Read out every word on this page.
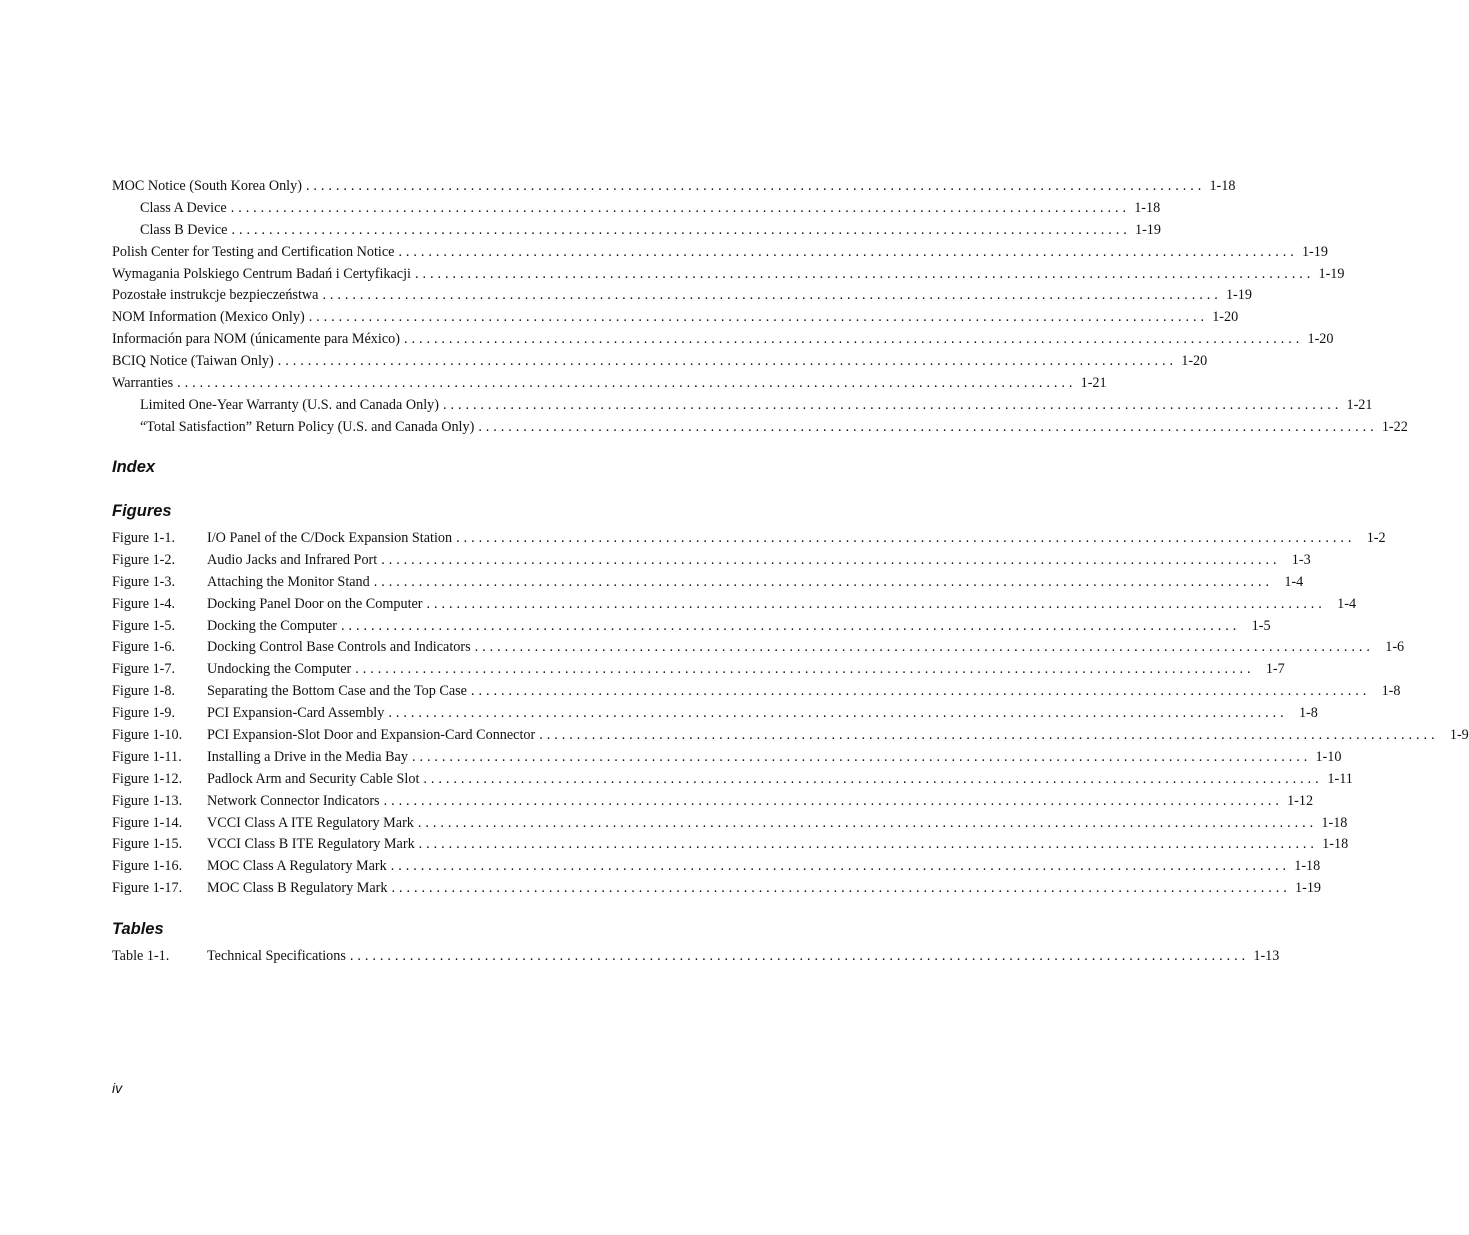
MOC Notice (South Korea Only) . . . . . . . . . . . . . . . . . . . . . . . . . . . . . . . . . . . . . . . . . . . . . . . . . . . . . . . . . . . . . . . . . . . . . . . . . . . . . . . . . . . . . . . . . . . . . . . . . . . . . . . . . . . . . . . . . . . . . . . . 1-18
Class A Device . . . . . . . . . . . . . . . . . . . . . . . . . . . . . . . . . . . . . . . . . . . . . . . . . . . . . . . . . . . . . . . . . . . . . . . . . . . . . . . . . . . . . . . . . . . . . . . . . . . . . . . . . . . . . . . . . . . . . . . . 1-18
Class B Device . . . . . . . . . . . . . . . . . . . . . . . . . . . . . . . . . . . . . . . . . . . . . . . . . . . . . . . . . . . . . . . . . . . . . . . . . . . . . . . . . . . . . . . . . . . . . . . . . . . . . . . . . . . . . . . . . . . . . . . . 1-19
Polish Center for Testing and Certification Notice . . . . . . . . . . . . . . . . . . . . . . . . . . . . . . . . . . . . . . . . . . . . . . . . . . . . . . . . . . . . . . . . . . . . . . . . . . . . . . . . . . . . . . . . . . . . . . . . . . . . . . . . . . . . . . . . . . . . . . . . 1-19
Wymagania Polskiego Centrum Badań i Certyfikacji . . . . . . . . . . . . . . . . . . . . . . . . . . . . . . . . . . . . . . . . . . . . . . . . . . . . . . . . . . . . . . . . . . . . . . . . . . . . . . . . . . . . . . . . . . . . . . . . . . . . . . . . . . . . . . . . . . . . . . . . 1-19
Pozostałe instrukcje bezpieczeństwa . . . . . . . . . . . . . . . . . . . . . . . . . . . . . . . . . . . . . . . . . . . . . . . . . . . . . . . . . . . . . . . . . . . . . . . . . . . . . . . . . . . . . . . . . . . . . . . . . . . . . . . . . . . . . . . . . . . . . . . . 1-19
NOM Information (Mexico Only) . . . . . . . . . . . . . . . . . . . . . . . . . . . . . . . . . . . . . . . . . . . . . . . . . . . . . . . . . . . . . . . . . . . . . . . . . . . . . . . . . . . . . . . . . . . . . . . . . . . . . . . . . . . . . . . . . . . . . . . . 1-20
Información para NOM (únicamente para México) . . . . . . . . . . . . . . . . . . . . . . . . . . . . . . . . . . . . . . . . . . . . . . . . . . . . . . . . . . . . . . . . . . . . . . . . . . . . . . . . . . . . . . . . . . . . . . . . . . . . . . . . . . . . . . . . . . . . . . . . 1-20
BCIQ Notice (Taiwan Only) . . . . . . . . . . . . . . . . . . . . . . . . . . . . . . . . . . . . . . . . . . . . . . . . . . . . . . . . . . . . . . . . . . . . . . . . . . . . . . . . . . . . . . . . . . . . . . . . . . . . . . . . . . . . . . . . . . . . . . . . 1-20
Warranties . . . . . . . . . . . . . . . . . . . . . . . . . . . . . . . . . . . . . . . . . . . . . . . . . . . . . . . . . . . . . . . . . . . . . . . . . . . . . . . . . . . . . . . . . . . . . . . . . . . . . . . . . . . . . . . . . . . . . . . . 1-21
Limited One-Year Warranty (U.S. and Canada Only) . . . . . . . . . . . . . . . . . . . . . . . . . . . . . . . . . . . . . . . . . . . . . . . . . . . . . . . . . . . . . . . . . . . . . . . . . . . . . . . . . . . . . . . . . . . . . . . . . . . . . . . . . . . . . . . . . . . . . . . . 1-21
“Total Satisfaction” Return Policy (U.S. and Canada Only) . . . . . . . . . . . . . . . . . . . . . . . . . . . . . . . . . . . . . . . . . . . . . . . . . . . . . . . . . . . . . . . . . . . . . . . . . . . . . . . . . . . . . . . . . . . . . . . . . . . . . . . . . . . . . . . . . . . . . . . . 1-22
Index
Figures
Figure 1-1.	I/O Panel of the C/Dock Expansion Station . . . . . . . . . . . . . . . . . . . . . . . . . . . . . . . . . . . . . . . . . . . . . . . . . . . . . . . . . . . . . . . . . . . . . . . . . . . . . . . . . . . . . . . . . . . . . . . . . . . . . . . . . . . . . . . . . . . . . . . .	1-2
Figure 1-2.	Audio Jacks and Infrared Port . . . . . . . . . . . . . . . . . . . . . . . . . . . . . . . . . . . . . . . . . . . . . . . . . . . . . . . . . . . . . . . . . . . . . . . . . . . . . . . . . . . . . . . . . . . . . . . . . . . . . . . . . . . . . . . . . . . . . . . .	1-3
Figure 1-3.	Attaching the Monitor Stand . . . . . . . . . . . . . . . . . . . . . . . . . . . . . . . . . . . . . . . . . . . . . . . . . . . . . . . . . . . . . . . . . . . . . . . . . . . . . . . . . . . . . . . . . . . . . . . . . . . . . . . . . . . . . . . . . . . . . . . .	1-4
Figure 1-4.	Docking Panel Door on the Computer . . . . . . . . . . . . . . . . . . . . . . . . . . . . . . . . . . . . . . . . . . . . . . . . . . . . . . . . . . . . . . . . . . . . . . . . . . . . . . . . . . . . . . . . . . . . . . . . . . . . . . . . . . . . . . . . . . . . . . . .	1-4
Figure 1-5.	Docking the Computer . . . . . . . . . . . . . . . . . . . . . . . . . . . . . . . . . . . . . . . . . . . . . . . . . . . . . . . . . . . . . . . . . . . . . . . . . . . . . . . . . . . . . . . . . . . . . . . . . . . . . . . . . . . . . . . . . . . . . . . .	1-5
Figure 1-6.	Docking Control Base Controls and Indicators . . . . . . . . . . . . . . . . . . . . . . . . . . . . . . . . . . . . . . . . . . . . . . . . . . . . . . . . . . . . . . . . . . . . . . . . . . . . . . . . . . . . . . . . . . . . . . . . . . . . . . . . . . . . . . . . . . . . . . . .	1-6
Figure 1-7.	Undocking the Computer . . . . . . . . . . . . . . . . . . . . . . . . . . . . . . . . . . . . . . . . . . . . . . . . . . . . . . . . . . . . . . . . . . . . . . . . . . . . . . . . . . . . . . . . . . . . . . . . . . . . . . . . . . . . . . . . . . . . . . . .	1-7
Figure 1-8.	Separating the Bottom Case and the Top Case . . . . . . . . . . . . . . . . . . . . . . . . . . . . . . . . . . . . . . . . . . . . . . . . . . . . . . . . . . . . . . . . . . . . . . . . . . . . . . . . . . . . . . . . . . . . . . . . . . . . . . . . . . . . . . . . . . . . . . . .	1-8
Figure 1-9.	PCI Expansion-Card Assembly . . . . . . . . . . . . . . . . . . . . . . . . . . . . . . . . . . . . . . . . . . . . . . . . . . . . . . . . . . . . . . . . . . . . . . . . . . . . . . . . . . . . . . . . . . . . . . . . . . . . . . . . . . . . . . . . . . . . . . . .	1-8
Figure 1-10.	PCI Expansion-Slot Door and Expansion-Card Connector . . . . . . . . . . . . . . . . . . . . . . . . . . . . . . . . . . . . . . . . . . . . . . . . . . . . . . . . . . . . . . . . . . . . . . . . . . . . . . . . . . . . . . . . . . . . . . . . . . . . . . . . . . . . . . . . . . . . . . . .	1-9
Figure 1-11.	Installing a Drive in the Media Bay . . . . . . . . . . . . . . . . . . . . . . . . . . . . . . . . . . . . . . . . . . . . . . . . . . . . . . . . . . . . . . . . . . . . . . . . . . . . . . . . . . . . . . . . . . . . . . . . . . . . . . . . . . . . . . . . . . . . . . . . 1-10
Figure 1-12.	Padlock Arm and Security Cable Slot . . . . . . . . . . . . . . . . . . . . . . . . . . . . . . . . . . . . . . . . . . . . . . . . . . . . . . . . . . . . . . . . . . . . . . . . . . . . . . . . . . . . . . . . . . . . . . . . . . . . . . . . . . . . . . . . . . . . . . . . 1-11
Figure 1-13.	Network Connector Indicators . . . . . . . . . . . . . . . . . . . . . . . . . . . . . . . . . . . . . . . . . . . . . . . . . . . . . . . . . . . . . . . . . . . . . . . . . . . . . . . . . . . . . . . . . . . . . . . . . . . . . . . . . . . . . . . . . . . . . . . . 1-12
Figure 1-14.	VCCI Class A ITE Regulatory Mark . . . . . . . . . . . . . . . . . . . . . . . . . . . . . . . . . . . . . . . . . . . . . . . . . . . . . . . . . . . . . . . . . . . . . . . . . . . . . . . . . . . . . . . . . . . . . . . . . . . . . . . . . . . . . . . . . . . . . . . . 1-18
Figure 1-15.	VCCI Class B ITE Regulatory Mark . . . . . . . . . . . . . . . . . . . . . . . . . . . . . . . . . . . . . . . . . . . . . . . . . . . . . . . . . . . . . . . . . . . . . . . . . . . . . . . . . . . . . . . . . . . . . . . . . . . . . . . . . . . . . . . . . . . . . . . . 1-18
Figure 1-16.	MOC Class A Regulatory Mark . . . . . . . . . . . . . . . . . . . . . . . . . . . . . . . . . . . . . . . . . . . . . . . . . . . . . . . . . . . . . . . . . . . . . . . . . . . . . . . . . . . . . . . . . . . . . . . . . . . . . . . . . . . . . . . . . . . . . . . . 1-18
Figure 1-17.	MOC Class B Regulatory Mark . . . . . . . . . . . . . . . . . . . . . . . . . . . . . . . . . . . . . . . . . . . . . . . . . . . . . . . . . . . . . . . . . . . . . . . . . . . . . . . . . . . . . . . . . . . . . . . . . . . . . . . . . . . . . . . . . . . . . . . . 1-19
Tables
Table 1-1.	Technical Specifications . . . . . . . . . . . . . . . . . . . . . . . . . . . . . . . . . . . . . . . . . . . . . . . . . . . . . . . . . . . . . . . . . . . . . . . . . . . . . . . . . . . . . . . . . . . . . . . . . . . . . . . . . . . . . . . . . . . . . . . . 1-13
iv
